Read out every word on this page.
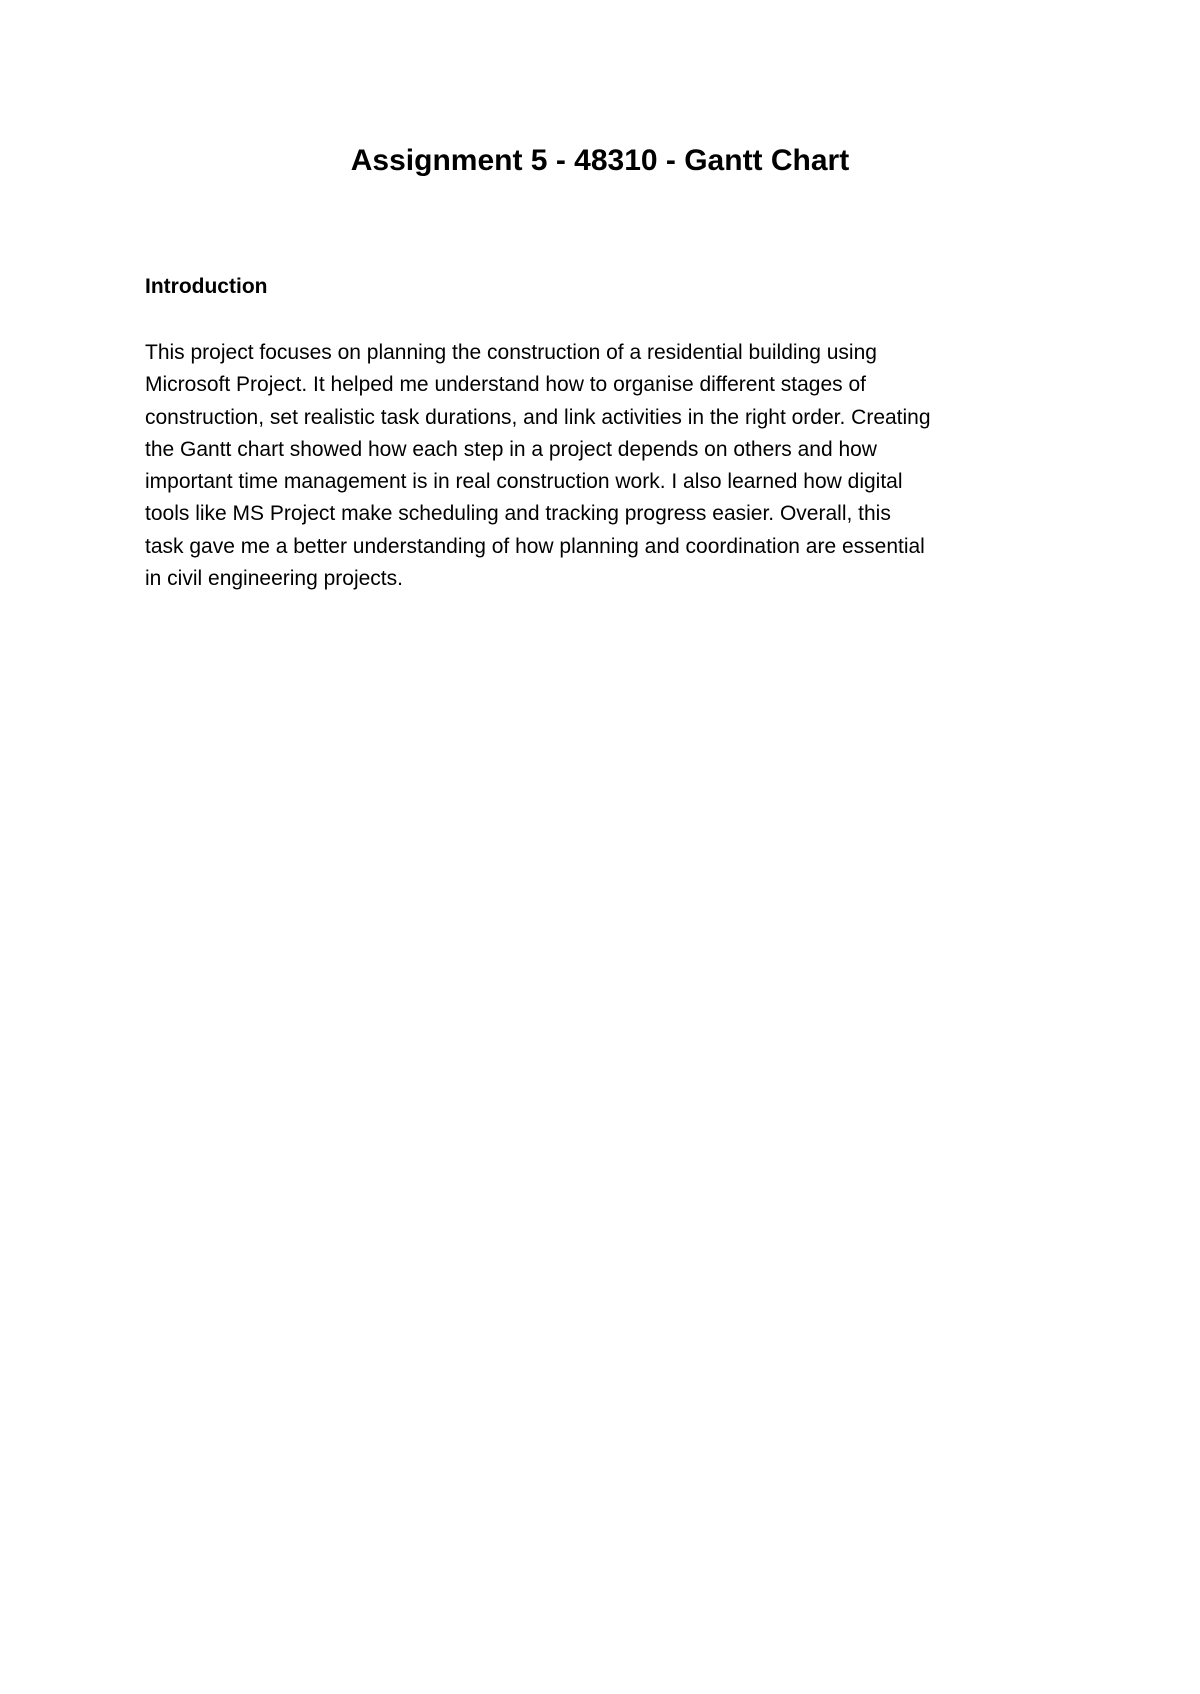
Assignment 5 - 48310 - Gantt Chart
Introduction

This project focuses on planning the construction of a residential building using
Microsoft Project. It helped me understand how to organise different stages of
construction, set realistic task durations, and link activities in the right order. Creating
the Gantt chart showed how each step in a project depends on others and how
important time management is in real construction work. I also learned how digital
tools like MS Project make scheduling and tracking progress easier. Overall, this
task gave me a better understanding of how planning and coordination are essential
in civil engineering projects.
